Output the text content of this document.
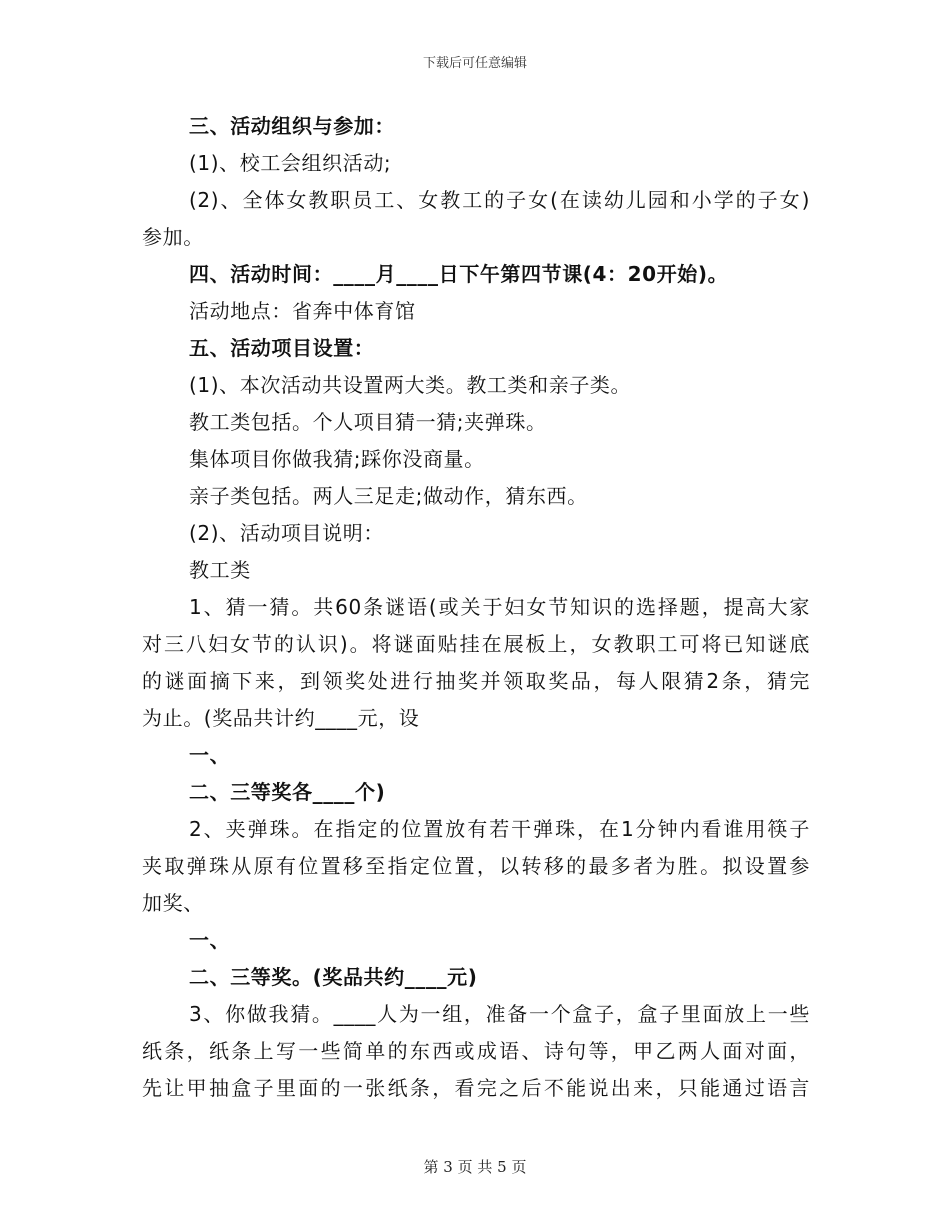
下载后可任意编辑
三、活动组织与参加：
(1)、校工会组织活动;
(2)、全体女教职员工、女教工的子女(在读幼儿园和小学的子女)
参加。
四、活动时间：____月____日下午第四节课(4：20开始)。
活动地点：省奔中体育馆
五、活动项目设置：
(1)、本次活动共设置两大类。教工类和亲子类。
教工类包括。个人项目猜一猜;夹弹珠。
集体项目你做我猜;踩你没商量。
亲子类包括。两人三足走;做动作，猜东西。
(2)、活动项目说明：
教工类
1、猜一猜。共60条谜语(或关于妇女节知识的选择题，提高大家
对三八妇女节的认识)。将谜面贴挂在展板上，女教职工可将已知谜底
的谜面摘下来，到领奖处进行抽奖并领取奖品，每人限猜2条，猜完
为止。(奖品共计约____元，设
一、
二、三等奖各____个)
2、夹弹珠。在指定的位置放有若干弹珠，在1分钟内看谁用筷子
夹取弹珠从原有位置移至指定位置，以转移的最多者为胜。拟设置参
加奖、
一、
二、三等奖。(奖品共约____元)
3、你做我猜。____人为一组，准备一个盒子，盒子里面放上一些
纸条，纸条上写一些简单的东西或成语、诗句等，甲乙两人面对面，
先让甲抽盒子里面的一张纸条，看完之后不能说出来，只能通过语言
第 3 页 共 5 页
